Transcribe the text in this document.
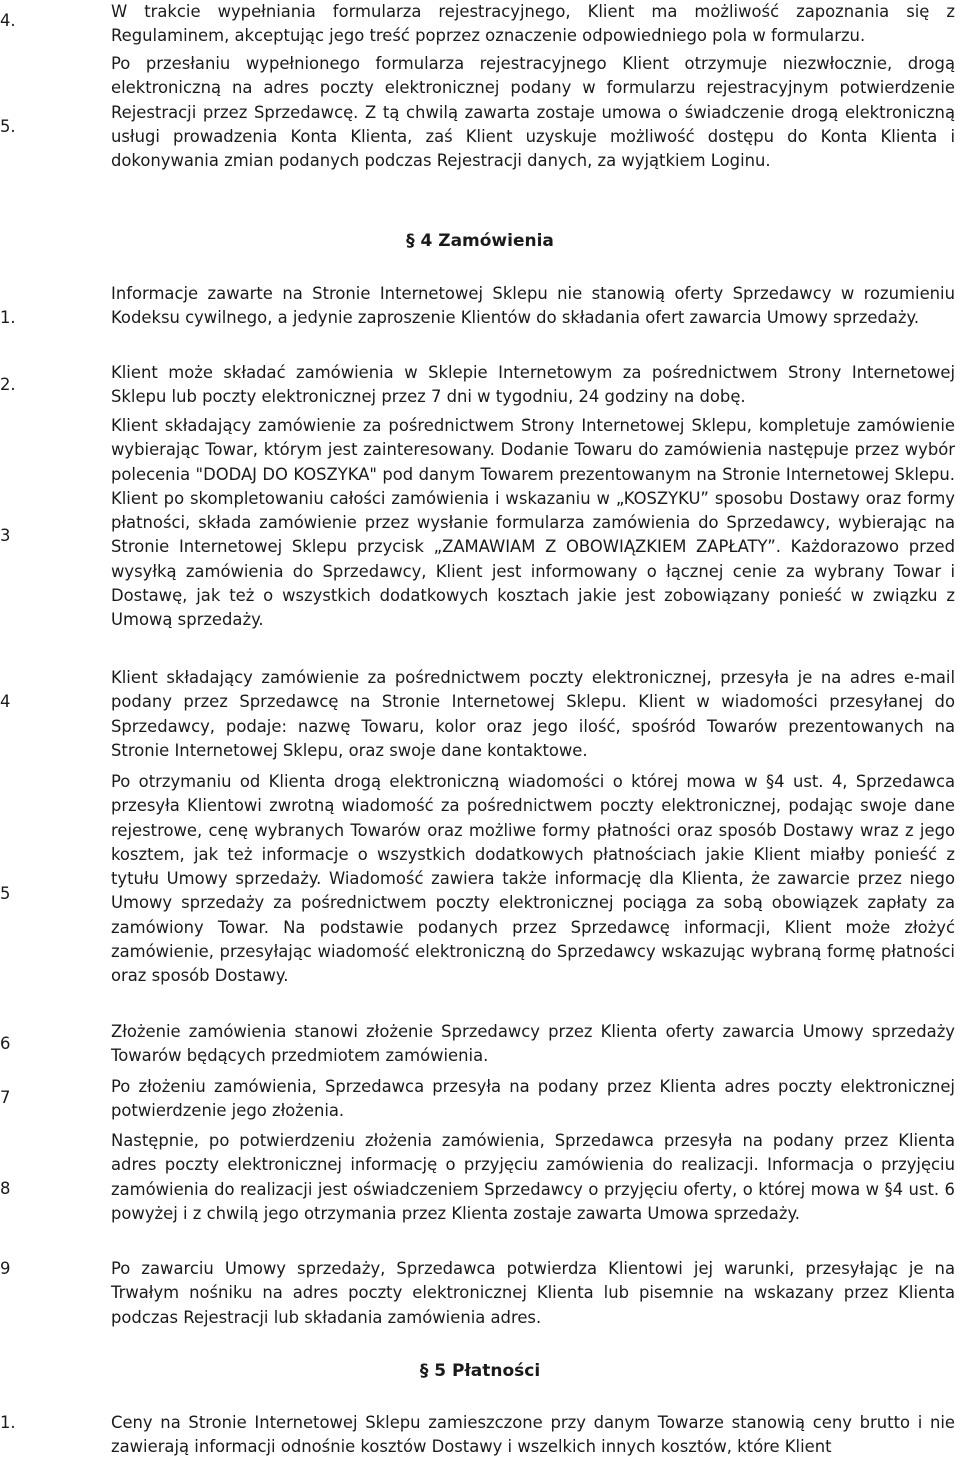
4.	W trakcie wypełniania formularza rejestracyjnego, Klient ma możliwość zapoznania się z Regulaminem, akceptując jego treść poprzez oznaczenie odpowiedniego pola w formularzu.
5.
Po przesłaniu wypełnionego formularza rejestracyjnego Klient otrzymuje niezwłocznie, drogą elektroniczną na adres poczty elektronicznej podany w formularzu rejestracyjnym potwierdzenie Rejestracji przez Sprzedawcę. Z tą chwilą zawarta zostaje umowa o świadczenie drogą elektroniczną usługi prowadzenia Konta Klienta, zaś Klient uzyskuje możliwość dostępu do Konta Klienta i dokonywania zmian podanych podczas Rejestracji danych, za wyjątkiem Loginu.
§ 4 Zamówienia
1.
Informacje zawarte na Stronie Internetowej Sklepu nie stanowią oferty Sprzedawcy w rozumieniu Kodeksu cywilnego, a jedynie zaproszenie Klientów do składania ofert zawarcia Umowy sprzedaży.
2.
Klient może składać zamówienia w Sklepie Internetowym za pośrednictwem Strony Internetowej Sklepu lub poczty elektronicznej przez 7 dni w tygodniu, 24 godziny na dobę.
3
Klient składający zamówienie za pośrednictwem Strony Internetowej Sklepu, kompletuje zamówienie wybierając Towar, którym jest zainteresowany. Dodanie Towaru do zamówienia następuje przez wybór polecenia "DODAJ DO KOSZYKA" pod danym Towarem prezentowanym na Stronie Internetowej Sklepu. Klient po skompletowaniu całości zamówienia i wskazaniu w „KOSZYKU” sposobu Dostawy oraz formy płatności, składa zamówienie przez wysłanie formularza zamówienia do Sprzedawcy, wybierając na Stronie Internetowej Sklepu przycisk „ZAMAWIAM Z OBOWIĄZKIEM ZAPŁATY”. Każdorazowo przed wysyłką zamówienia do Sprzedawcy, Klient jest informowany o łącznej cenie za wybrany Towar i Dostawę, jak też o wszystkich dodatkowych kosztach jakie jest zobowiązany ponieść w związku z Umową sprzedaży.
4
Klient składający zamówienie za pośrednictwem poczty elektronicznej, przesyła je na adres e-mail podany przez Sprzedawcę na Stronie Internetowej Sklepu. Klient w wiadomości przesyłanej do Sprzedawcy, podaje: nazwę Towaru, kolor oraz jego ilość, spośród Towarów prezentowanych na Stronie Internetowej Sklepu, oraz swoje dane kontaktowe.
5
Po otrzymaniu od Klienta drogą elektroniczną wiadomości o której mowa w §4 ust. 4, Sprzedawca przesyła Klientowi zwrotną wiadomość za pośrednictwem poczty elektronicznej, podając swoje dane rejestrowe, cenę wybranych Towarów oraz możliwe formy płatności oraz sposób Dostawy wraz z jego kosztem, jak też informacje o wszystkich dodatkowych płatnościach jakie Klient miałby ponieść z tytułu Umowy sprzedaży. Wiadomość zawiera także informację dla Klienta, że zawarcie przez niego Umowy sprzedaży za pośrednictwem poczty elektronicznej pociąga za sobą obowiązek zapłaty za zamówiony Towar. Na podstawie podanych przez Sprzedawcę informacji, Klient może złożyć zamówienie, przesyłając wiadomość elektroniczną do Sprzedawcy wskazując wybraną formę płatności oraz sposób Dostawy.
6
Złożenie zamówienia stanowi złożenie Sprzedawcy przez Klienta oferty zawarcia Umowy sprzedaży Towarów będących przedmiotem zamówienia.
7
Po złożeniu zamówienia, Sprzedawca przesyła na podany przez Klienta adres poczty elektronicznej potwierdzenie jego złożenia.
8
Następnie, po potwierdzeniu złożenia zamówienia, Sprzedawca przesyła na podany przez Klienta adres poczty elektronicznej informację o przyjęciu zamówienia do realizacji. Informacja o przyjęciu zamówienia do realizacji jest oświadczeniem Sprzedawcy o przyjęciu oferty, o której mowa w §4 ust. 6 powyżej i z chwilą jego otrzymania przez Klienta zostaje zawarta Umowa sprzedaży.
9	Po zawarciu Umowy sprzedaży, Sprzedawca potwierdza Klientowi jej warunki, przesyłając je na Trwałym nośniku na adres poczty elektronicznej Klienta lub pisemnie na wskazany przez Klienta podczas Rejestracji lub składania zamówienia adres.
§ 5 Płatności
1.	Ceny na Stronie Internetowej Sklepu zamieszczone przy danym Towarze stanowią ceny brutto i nie zawierają informacji odnośnie kosztów Dostawy i wszelkich innych kosztów, które Klient
